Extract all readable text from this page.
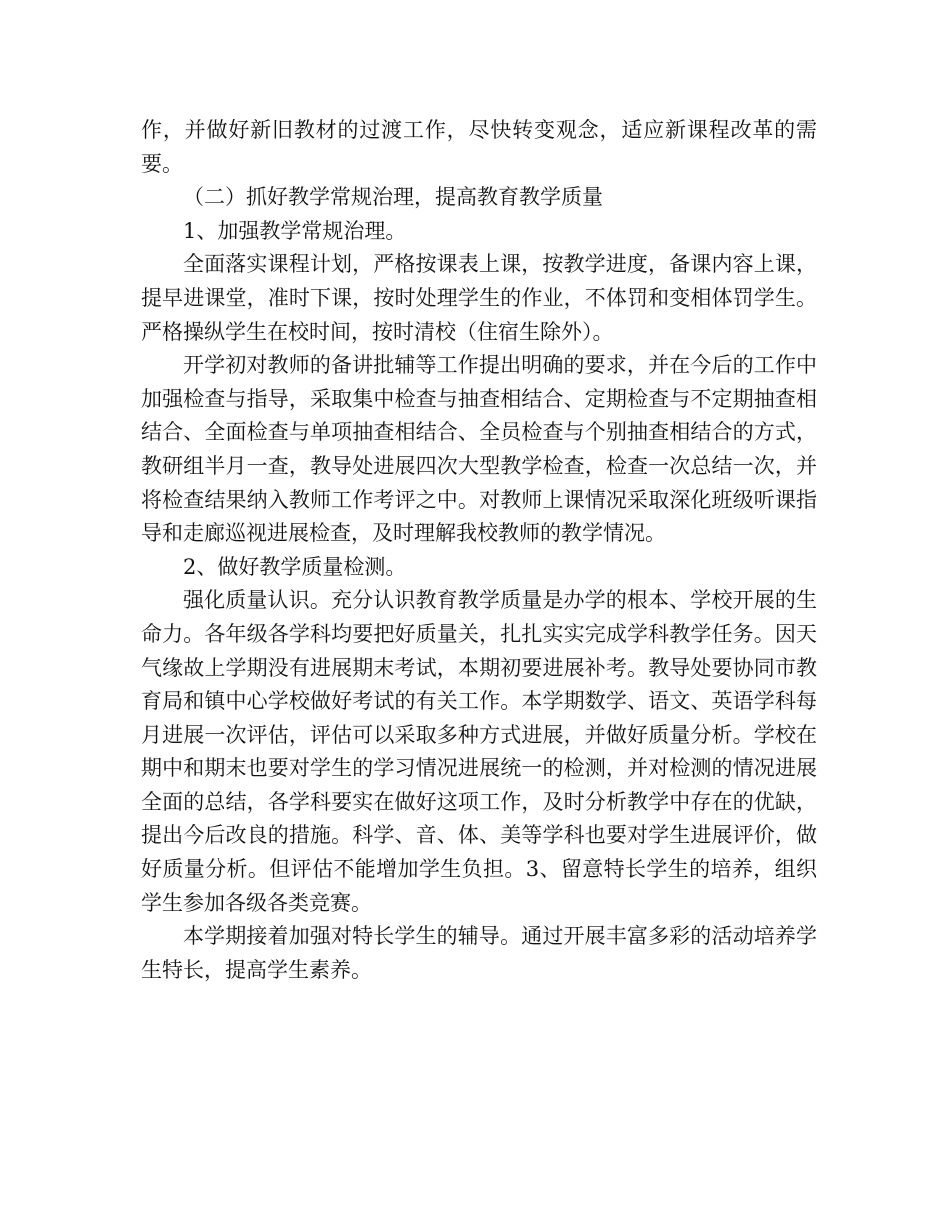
作，并做好新旧教材的过渡工作，尽快转变观念，适应新课程改革的需要。

（二）抓好教学常规治理，提高教育教学质量

1、加强教学常规治理。

全面落实课程计划，严格按课表上课，按教学进度，备课内容上课，提早进课堂，准时下课，按时处理学生的作业，不体罚和变相体罚学生。严格操纵学生在校时间，按时清校（住宿生除外）。

开学初对教师的备讲批辅等工作提出明确的要求，并在今后的工作中加强检查与指导，采取集中检查与抽查相结合、定期检查与不定期抽查相结合、全面检查与单项抽查相结合、全员检查与个别抽查相结合的方式，教研组半月一查，教导处进展四次大型教学检查，检查一次总结一次，并将检查结果纳入教师工作考评之中。对教师上课情况采取深化班级听课指导和走廊巡视进展检查，及时理解我校教师的教学情况。

2、做好教学质量检测。

强化质量认识。充分认识教育教学质量是办学的根本、学校开展的生命力。各年级各学科均要把好质量关，扎扎实实完成学科教学任务。因天气缘故上学期没有进展期末考试，本期初要进展补考。教导处要协同市教育局和镇中心学校做好考试的有关工作。本学期数学、语文、英语学科每月进展一次评估，评估可以采取多种方式进展，并做好质量分析。学校在期中和期末也要对学生的学习情况进展统一的检测，并对检测的情况进展全面的总结，各学科要实在做好这项工作，及时分析教学中存在的优缺，提出今后改良的措施。科学、音、体、美等学科也要对学生进展评价，做好质量分析。但评估不能增加学生负担。3、留意特长学生的培养，组织学生参加各级各类竞赛。

本学期接着加强对特长学生的辅导。通过开展丰富多彩的活动培养学生特长，提高学生素养。
